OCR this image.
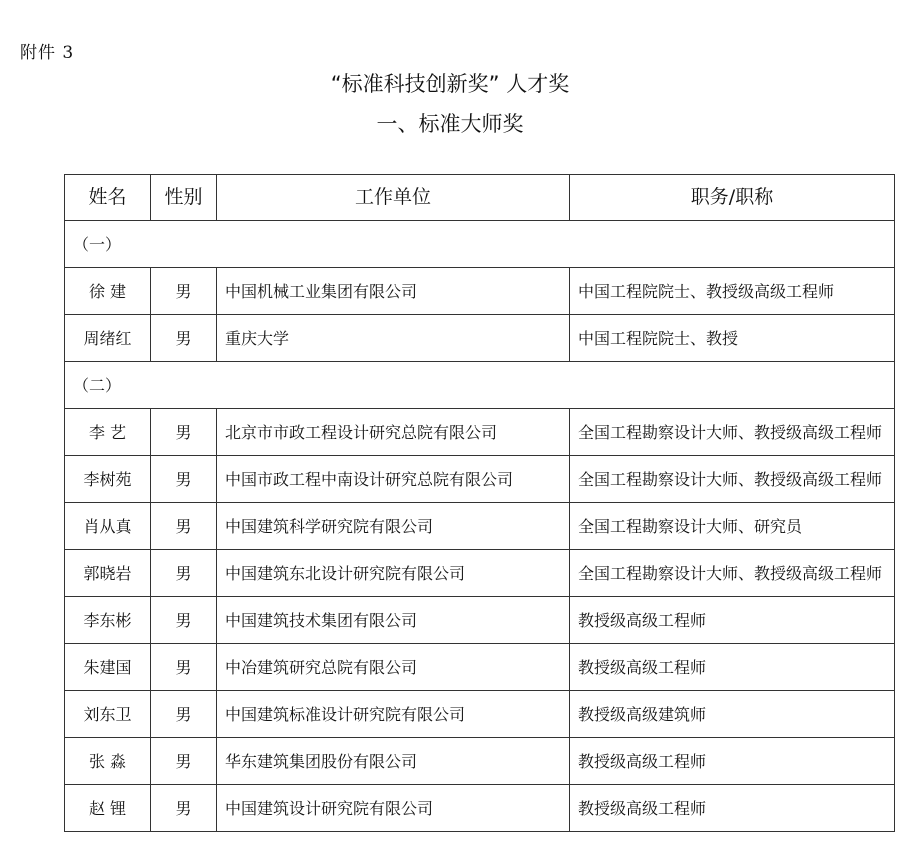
附件 3
“标准科技创新奖” 人才奖
一、标准大师奖
姓名	性别	工作单位	职务/职称
（一）			
徐 建	男	中国机械工业集团有限公司	中国工程院院士、教授级高级工程师
周绪红	男	重庆大学	中国工程院院士、教授
（二）			
李 艺	男	北京市市政工程设计研究总院有限公司	全国工程勘察设计大师、教授级高级工程师
李树苑	男	中国市政工程中南设计研究总院有限公司	全国工程勘察设计大师、教授级高级工程师
肖从真	男	中国建筑科学研究院有限公司	全国工程勘察设计大师、研究员
郭晓岩	男	中国建筑东北设计研究院有限公司	全国工程勘察设计大师、教授级高级工程师
李东彬	男	中国建筑技术集团有限公司	教授级高级工程师
朱建国	男	中冶建筑研究总院有限公司	教授级高级工程师
刘东卫	男	中国建筑标准设计研究院有限公司	教授级高级建筑师
张 淼	男	华东建筑集团股份有限公司	教授级高级工程师
赵 锂	男	中国建筑设计研究院有限公司	教授级高级工程师
